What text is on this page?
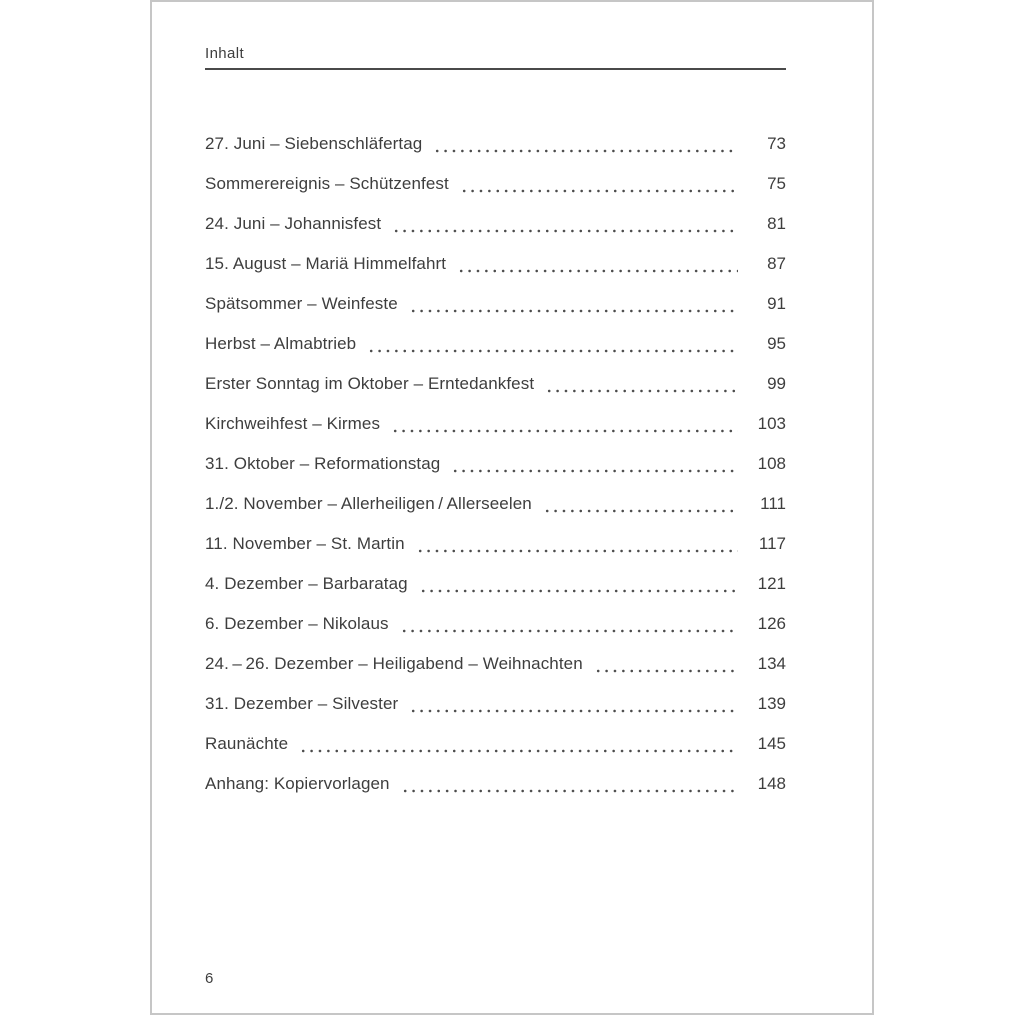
Inhalt
27. Juni – Siebenschläfertag	73
Sommerereignis – Schützenfest	75
24. Juni – Johannisfest	81
15. August – Mariä Himmelfahrt	87
Spätsommer – Weinfeste	91
Herbst – Almabtrieb	95
Erster Sonntag im Oktober – Erntedankfest	99
Kirchweihfest – Kirmes	103
31. Oktober – Reformationstag	108
1./2. November – Allerheiligen / Allerseelen	111
11. November – St. Martin	117
4. Dezember – Barbaratag	121
6. Dezember – Nikolaus	126
24. – 26. Dezember – Heiligabend – Weihnachten	134
31. Dezember – Silvester	139
Raunächte	145
Anhang: Kopiervorlagen	148
6
